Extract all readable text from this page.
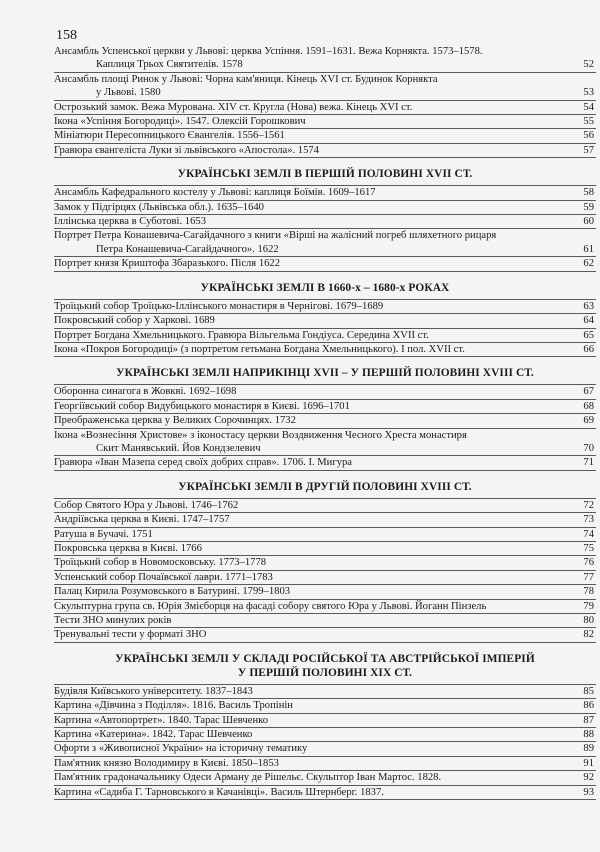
158
Ансамбль Успенської церкви у Львові: церква Успіння. 1591–1631. Вежа Корнякта. 1573–1578.
Каплиця Трьох Святителів. 1578	52
Ансамбль площі Ринок у Львові: Чорна кам'яниця. Кінець XVI ст. Будинок Корнякта
у Львові. 1580	53
Острозький замок. Вежа Мурована. XIV ст. Кругла (Нова) вежа. Кінець XVI ст.	54
Ікона «Успіння Богородиці». 1547. Олексій Горошкович	55
Мініатюри Пересопницького Євангелія. 1556–1561	56
Гравюра євангеліста Луки зі львівського «Апостола». 1574	57
УКРАЇНСЬКІ ЗЕМЛІ В ПЕРШІЙ ПОЛОВИНІ XVII СТ.
Ансамбль Кафедрального костелу у Львові: каплиця Боїмів. 1609–1617	58
Замок у Підгірцях (Львівська обл.). 1635–1640	59
Іллінська церква в Суботові. 1653	60
Портрет Петра Конашевича-Сагайдачного з книги «Вірші на жалісний погреб шляхетного рицаря
Петра Конашевича-Сагайдачного». 1622	61
Портрет князя Криштофа Збаразького. Після 1622	62
УКРАЇНСЬКІ ЗЕМЛІ В 1660-х – 1680-х РОКАХ
Троїцький собор Троїцько-Іллінського монастиря в Чернігові. 1679–1689	63
Покровський собор у Харкові. 1689	64
Портрет Богдана Хмельницького. Гравюра Вільгельма Гондіуса. Середина XVII ст.	65
Ікона «Покров Богородиці» (з портретом гетьмана Богдана Хмельницького). І пол. XVII ст.	66
УКРАЇНСЬКІ ЗЕМЛІ НАПРИКІНЦІ XVII – У ПЕРШІЙ ПОЛОВИНІ XVIII СТ.
Оборонна синагога в Жовкві. 1692–1698	67
Георгіївський собор Видубицького монастиря в Києві. 1696–1701	68
Преображенська церква у Великих Сорочинцях. 1732	69
Ікона «Вознесіння Христове» з іконостасу церкви Воздвиження Чесного Хреста монастиря
Скит Манявський. Йов Кондзелевич	70
Гравюра «Іван Мазепа серед своїх добрих справ». 1706. І. Мигура	71
УКРАЇНСЬКІ ЗЕМЛІ В ДРУГІЙ ПОЛОВИНІ XVIII СТ.
Собор Святого Юра у Львові. 1746–1762	72
Андріївська церква в Києві. 1747–1757	73
Ратуша в Бучачі. 1751	74
Покровська церква в Києві. 1766	75
Троїцький собор в Новомосковську. 1773–1778	76
Успенський собор Почаївської лаври. 1771–1783	77
Палац Кирила Розумовського в Батурині. 1799–1803	78
Скульптурна група св. Юрія Змієборця на фасаді собору святого Юра у Львові. Йоганн Пінзель	79
Тести ЗНО минулих років	80
Тренувальні тести у форматі ЗНО	82
УКРАЇНСЬКІ ЗЕМЛІ У СКЛАДІ РОСІЙСЬКОЇ ТА АВСТРІЙСЬКОЇ ІМПЕРІЙ
У ПЕРШІЙ ПОЛОВИНІ XIX СТ.
Будівля Київського університету. 1837–1843	85
Картина «Дівчина з Поділля». 1816. Василь Тропінін	86
Картина «Автопортрет». 1840. Тарас Шевченко	87
Картина «Катерина». 1842. Тарас Шевченко	88
Офорти з «Живописної України» на історичну тематику	89
Пам'ятник князю Володимиру в Києві. 1850–1853	91
Пам'ятник градоначальнику Одеси Арману де Рішельє. Скульптор Іван Мартос. 1828.	92
Картина «Садиба Г. Тарновського в Качанівці». Василь Штернберг. 1837.	93
